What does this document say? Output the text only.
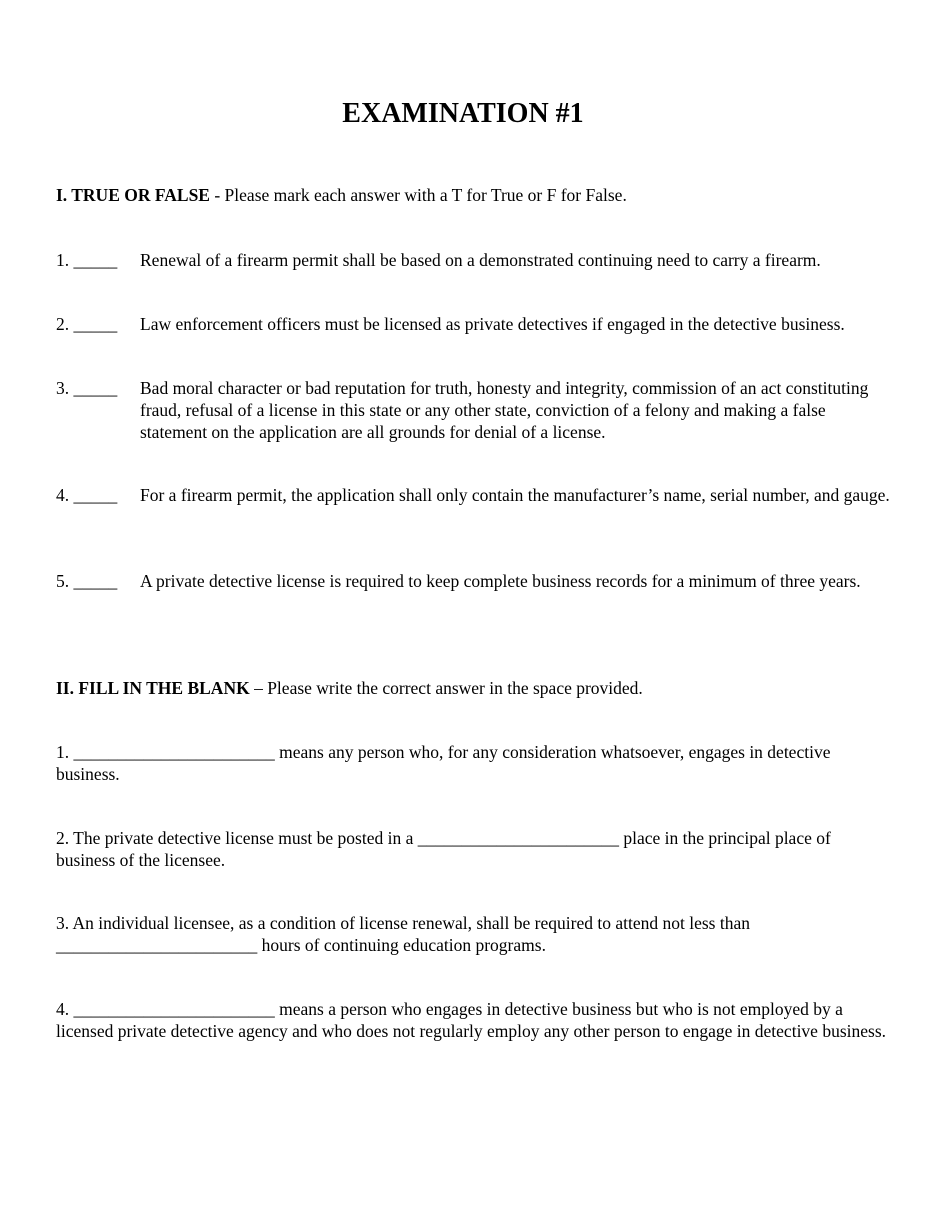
EXAMINATION #1

I. TRUE OR FALSE - Please mark each answer with a T for True or F for False.

1. _____ Renewal of a firearm permit shall be based on a demonstrated continuing need to carry a firearm.

2. _____ Law enforcement officers must be licensed as private detectives if engaged in the detective business.

3. _____ Bad moral character or bad reputation for truth, honesty and integrity, commission of an act constituting fraud, refusal of a license in this state or any other state, conviction of a felony and making a false statement on the application are all grounds for denial of a license.

4. _____ For a firearm permit, the application shall only contain the manufacturer’s name, serial number, and gauge.

5. _____ A private detective license is required to keep complete business records for a minimum of three years.

II. FILL IN THE BLANK – Please write the correct answer in the space provided.

1. _______________________ means any person who, for any consideration whatsoever, engages in detective business.

2. The private detective license must be posted in a _______________________ place in the principal place of business of the licensee.

3. An individual licensee, as a condition of license renewal, shall be required to attend not less than _______________________ hours of continuing education programs.

4. _______________________ means a person who engages in detective business but who is not employed by a licensed private detective agency and who does not regularly employ any other person to engage in detective business.
